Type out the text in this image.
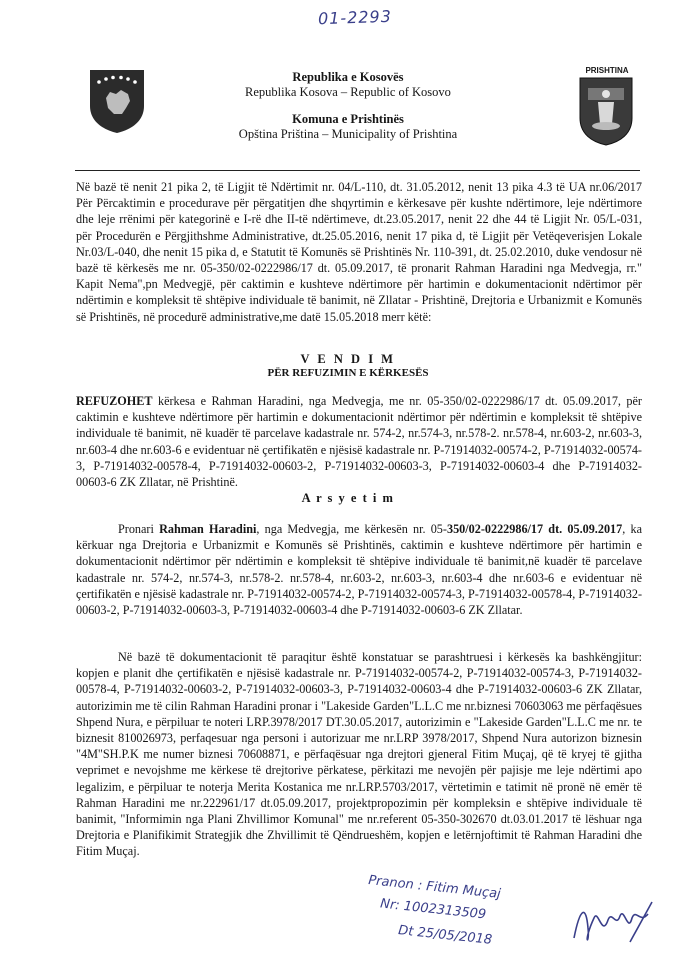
01-2293
PRISHTINA
Republika e Kosovës
Republika Kosova – Republic of Kosovo
Komuna e Prishtinës
Opština Priština – Municipality of Prishtina

Në bazë të nenit 21 pika 2, të Ligjit të Ndërtimit nr. 04/L-110, dt. 31.05.2012, nenit 13 pika 4.3 të UA nr.06/2017 Për Përcaktimin e procedurave për përgatitjen dhe shqyrtimin e kërkesave për kushte ndërtimore, leje ndërtimore dhe leje rrënimi për kategorinë e I-rë dhe II-të ndërtimeve, dt.23.05.2017, nenit 22 dhe 44 të Ligjit Nr. 05/L-031, për Procedurën e Përgjithshme Administrative, dt.25.05.2016, nenit 17 pika d, të Ligjit për Vetëqeverisjen Lokale Nr.03/L-040, dhe nenit 15 pika d, e Statutit të Komunës së Prishtinës Nr. 110-391, dt. 25.02.2010, duke vendosur në bazë të kërkesës me nr. 05-350/02-0222986/17 dt. 05.09.2017, të pronarit Rahman Haradini nga Medvegja, rr." Kapit Nema",pn Medvegjë, për caktimin e kushteve ndërtimore për hartimin e dokumentacionit ndërtimor për ndërtimin e kompleksit të shtëpive individuale të banimit, në Zllatar - Prishtinë, Drejtoria e Urbanizmit e Komunës së Prishtinës, në procedurë administrative,me datë 15.05.2018 merr këtë:

V E N D I M
PËR REFUZIMIN E KËRKESËS

REFUZOHET kërkesa e Rahman Haradini, nga Medvegja, me nr. 05-350/02-0222986/17 dt. 05.09.2017, për caktimin e kushteve ndërtimore për hartimin e dokumentacionit ndërtimor për ndërtimin e kompleksit të shtëpive individuale të banimit, në kuadër të parcelave kadastrale nr. 574-2, nr.574-3, nr.578-2. nr.578-4, nr.603-2, nr.603-3, nr.603-4 dhe nr.603-6 e evidentuar në çertifikatën e njësisë kadastrale nr. P-71914032-00574-2, P-71914032-00574-3, P-71914032-00578-4, P-71914032-00603-2, P-71914032-00603-3, P-71914032-00603-4 dhe P-71914032-00603-6 ZK Zllatar, në Prishtinë.

A r s y e t i m

Pronari Rahman Haradini, nga Medvegja, me kërkesën nr. 05-350/02-0222986/17 dt. 05.09.2017, ka kërkuar nga Drejtoria e Urbanizmit e Komunës së Prishtinës, caktimin e kushteve ndërtimore për hartimin e dokumentacionit ndërtimor për ndërtimin e kompleksit të shtëpive individuale të banimit,në kuadër të parcelave kadastrale nr. 574-2, nr.574-3, nr.578-2. nr.578-4, nr.603-2, nr.603-3, nr.603-4 dhe nr.603-6 e evidentuar në çertifikatën e njësisë kadastrale nr. P-71914032-00574-2, P-71914032-00574-3, P-71914032-00578-4, P-71914032-00603-2, P-71914032-00603-3, P-71914032-00603-4 dhe P-71914032-00603-6 ZK Zllatar.

Në bazë të dokumentacionit të paraqitur është konstatuar se parashtruesi i kërkesës ka bashkëngjitur: kopjen e planit dhe çertifikatën e njësisë kadastrale nr. P-71914032-00574-2, P-71914032-00574-3, P-71914032-00578-4, P-71914032-00603-2, P-71914032-00603-3, P-71914032-00603-4 dhe P-71914032-00603-6 ZK Zllatar, autorizimin me të cilin Rahman Haradini pronar i "Lakeside Garden"L.L.C me nr.biznesi 70603063 me përfaqësues Shpend Nura, e përpiluar te noteri LRP.3978/2017 DT.30.05.2017, autorizimin e "Lakeside Garden"L.L.C me nr. te biznesit 810026973, perfaqesuar nga personi i autorizuar me nr.LRP 3978/2017, Shpend Nura autorizon biznesin "4M"SH.P.K me numer biznesi 70608871, e përfaqësuar nga drejtori gjeneral Fitim Muçaj, që të kryej të gjitha veprimet e nevojshme me kërkese të drejtorive përkatese, përkitazi me nevojën për pajisje me leje ndërtimi apo legalizim, e përpiluar te noterja Merita Kostanica me nr.LRP.5703/2017, vërtetimin e tatimit në pronë në emër të Rahman Haradini me nr.222961/17 dt.05.09.2017, projektpropozimin për kompleksin e shtëpive individuale të banimit, "Informimin nga Plani Zhvillimor Komunal" me nr.referent 05-350-302670 dt.03.01.2017 të lëshuar nga Drejtoria e Planifikimit Strategjik dhe Zhvillimit të Qëndrueshëm, kopjen e letërnjoftimit të Rahman Haradini dhe Fitim Muçaj.

Pranon : Fitim Muçaj
Nr: 1002313509
Dt 25/05/2018
